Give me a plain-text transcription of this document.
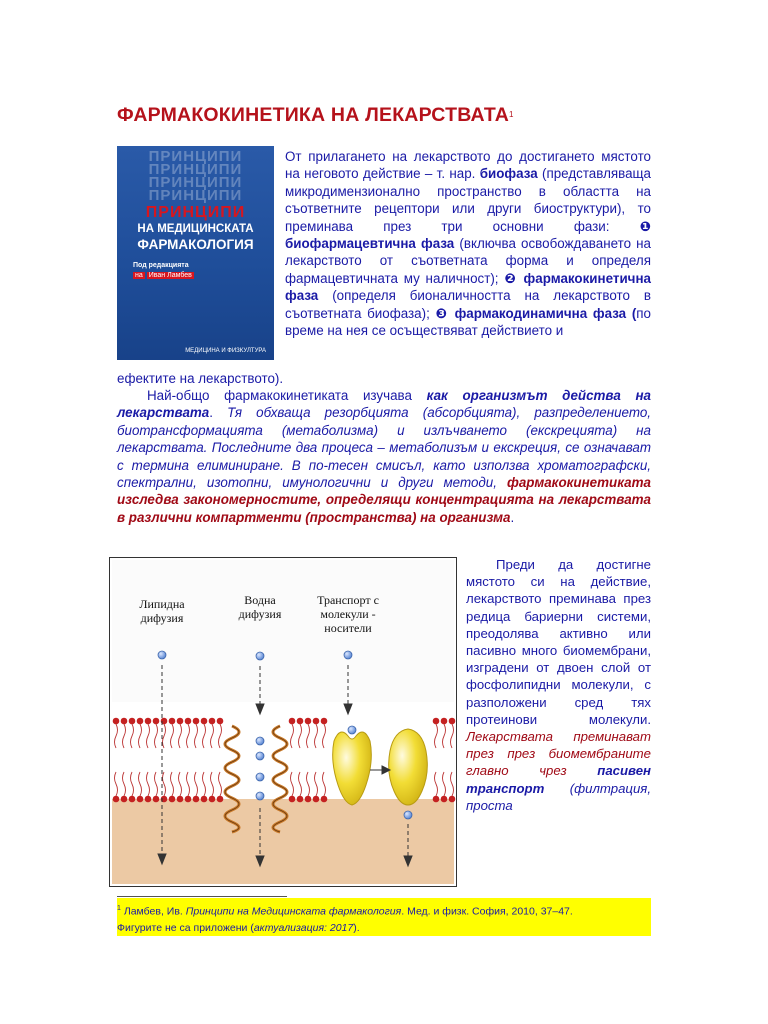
ФАРМАКОКИНЕТИКА НА ЛЕКАРСТВАТА$^1$
ПРИНЦИПИ
ПРИНЦИПИ
ПРИНЦИПИ
ПРИНЦИПИ
ПРИНЦИПИ
НА МЕДИЦИНСКАТА
ФАРМАКОЛОГИЯ
Под редакцията
на Иван Ламбев
МЕДИЦИНА И ФИЗКУЛТУРА
От прилагането на лекарството до достигането мястото на неговото действие – т. нар. биофаза (представляваща микродимензионално пространство в областта на съответните рецептори или други биоструктури), то преминава през три основни фази: ❶ биофармацевтична фаза (включва освобождаването на лекарството от съответната форма и определя фармацевтичната му наличност); ❷ фармакокинетична фаза (определя бионаличността на лекарството в съответната биофаза); ❸ фармакодинамична фаза (по време на нея се осъществяват действието и
ефектите на лекарството).
Най-общо фармакокинетиката изучава как организмът действа на лекарствата. Тя обхваща резорбцията (абсорбцията), разпределението, биотрансформацията (метаболизма) и излъчването (екскрецията) на лекарствата. Последните два процеса – метаболизъм и екскреция, се означават с термина елиминиране. В по-тесен смисъл, като използва хроматографски, спектрални, изотопни, имунологични и други методи, фармакокинетиката изследва закономерностите, определящи концентрацията на лекарствата в различни компартменти (пространства) на организма.
Липидна
дифузия
Водна
дифузия
Транспорт с
молекули -
носители
Преди да достигне мястото си на действие, лекарството преминава през редица бариерни системи, преодолява активно или пасивно много биомембрани, изградени от двоен слой от фосфолипидни молекули, с разположени сред тях протеинови молекули. Лекарствата преминават през през биомембраните главно чрез пасивен транспорт (филтрация, проста
$^1$ Ламбев, Ив. Принципи на Медицинската фармакология. Мед. и физк. София, 2010, 37–47.
Фигурите не са приложени (актуализация: 2017).
